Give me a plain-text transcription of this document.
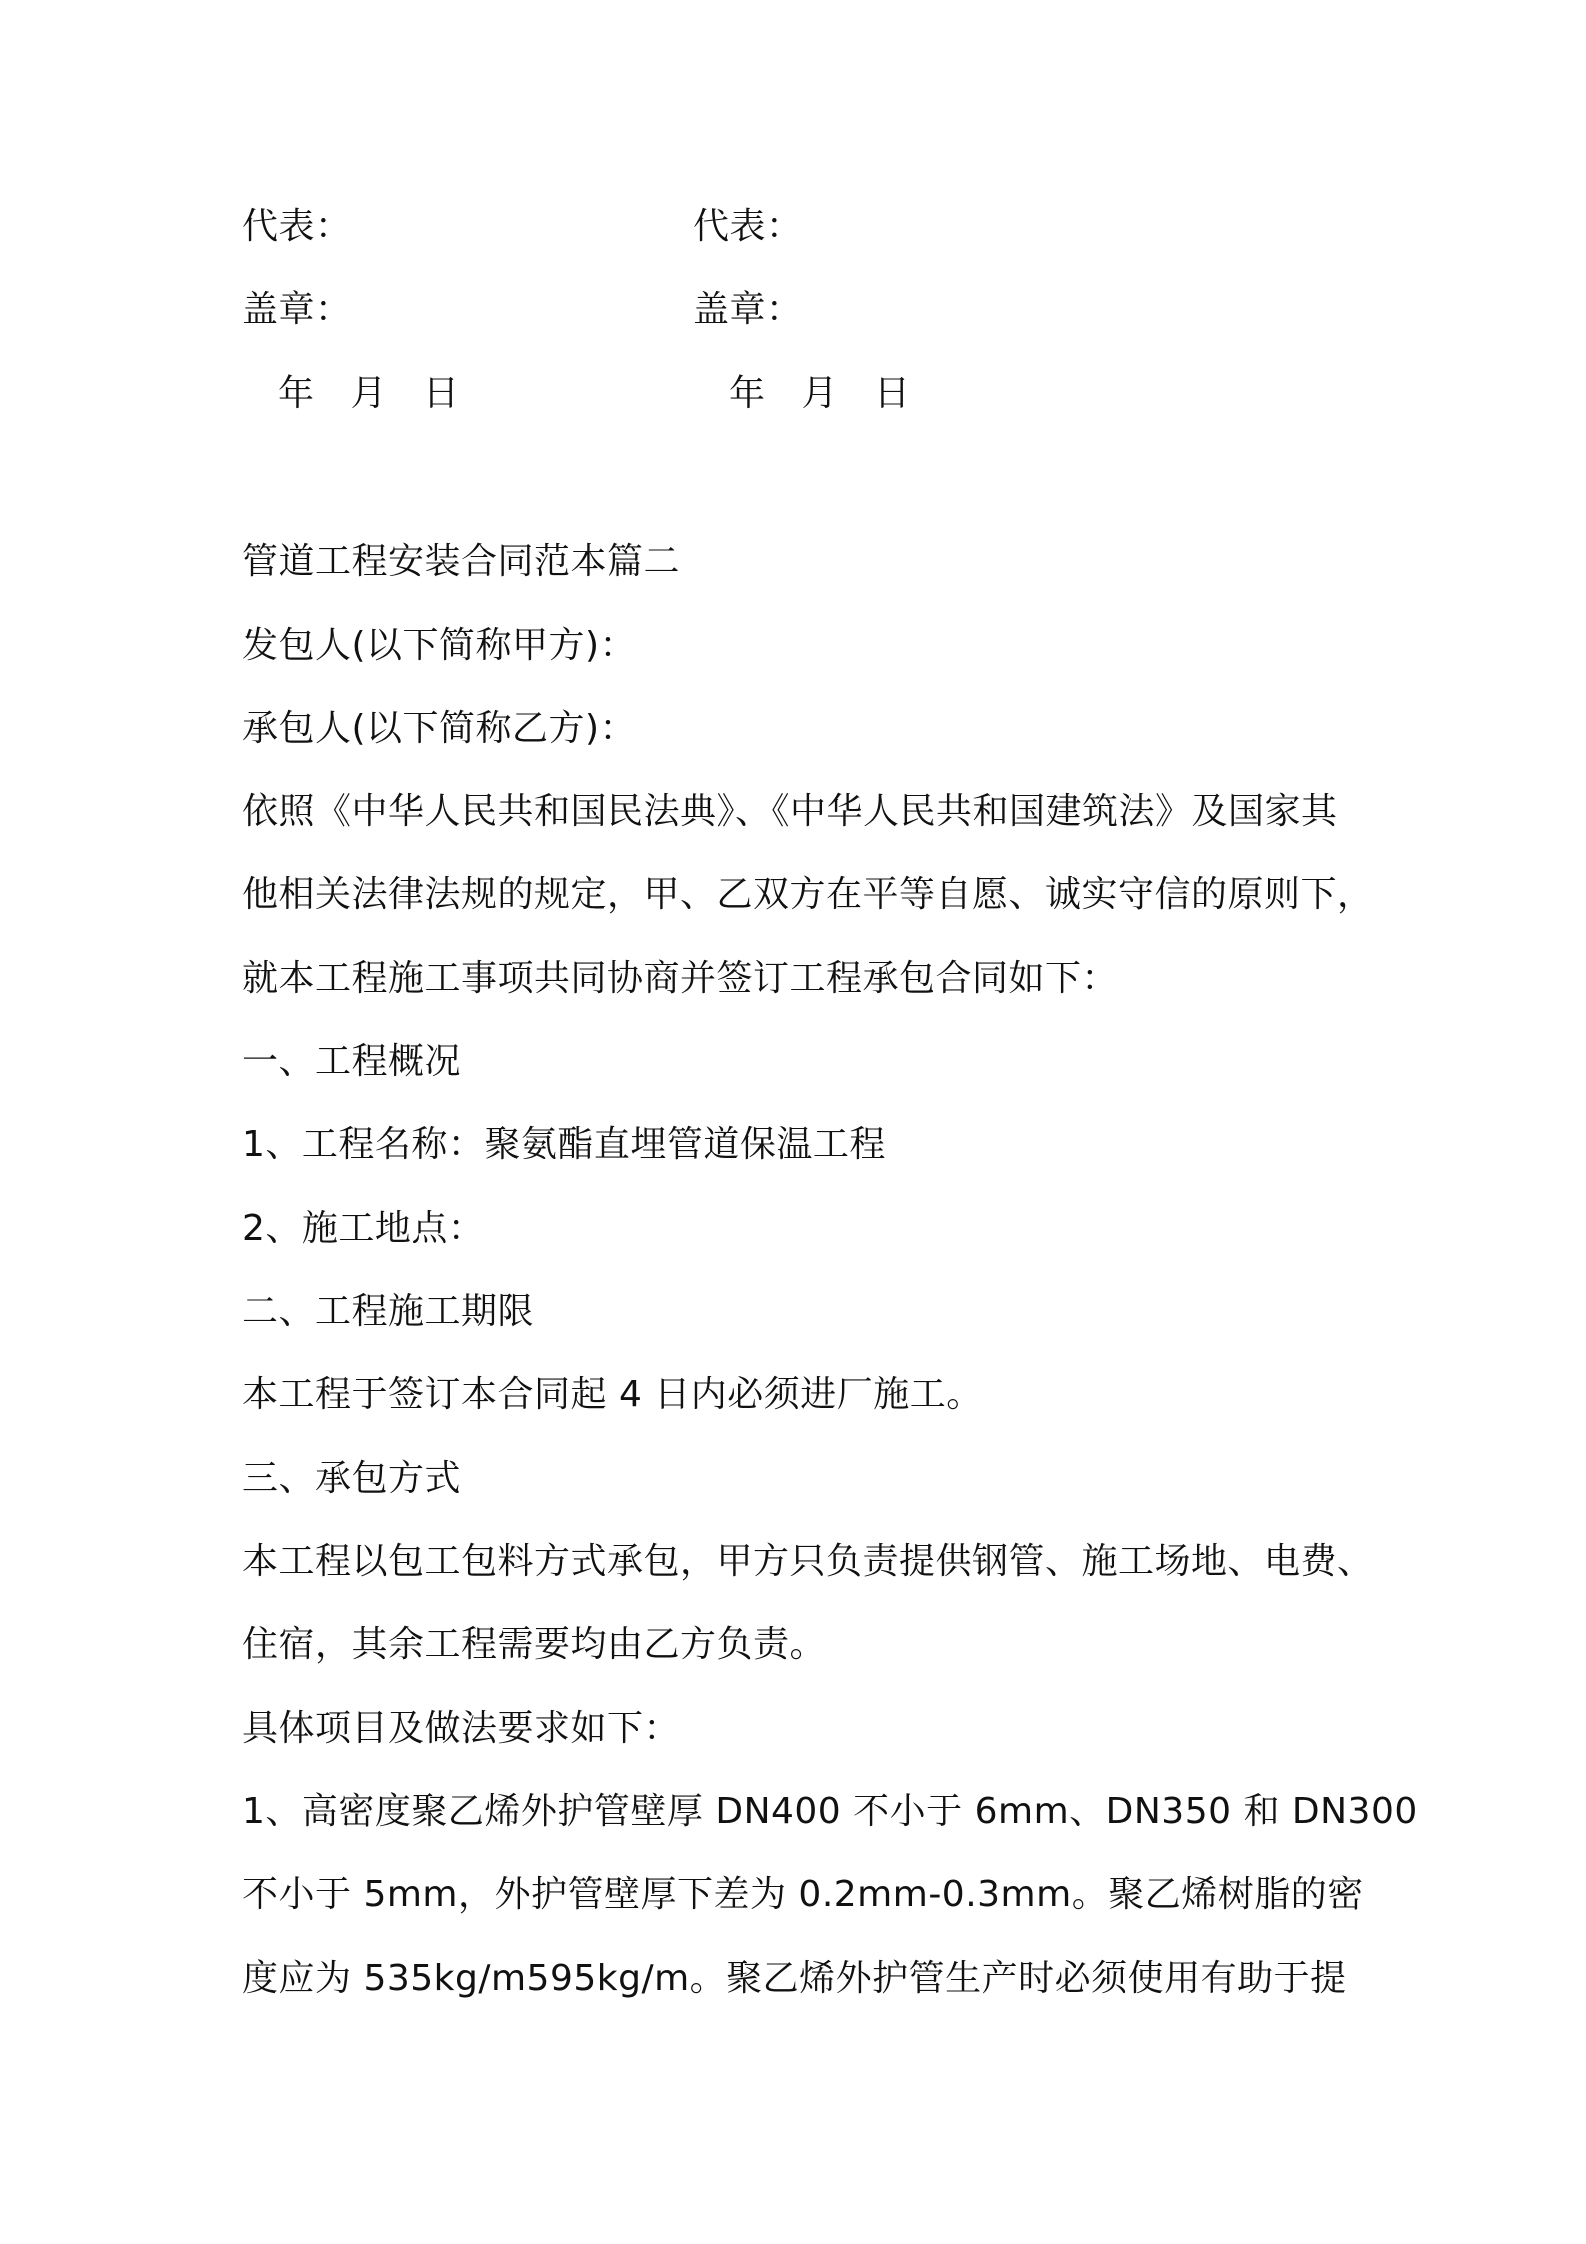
代表：	代表：
盖章：	盖章：
年 月 日	年 月 日
管道工程安装合同范本篇二
发包人(以下简称甲方)：
承包人(以下简称乙方)：
依照《中华人民共和国民法典》、《中华人民共和国建筑法》及国家其
他相关法律法规的规定，甲、乙双方在平等自愿、诚实守信的原则下，
就本工程施工事项共同协商并签订工程承包合同如下：
一、工程概况
1、工程名称：聚氨酯直埋管道保温工程
2、施工地点：
二、工程施工期限
本工程于签订本合同起 4 日内必须进厂施工。
三、承包方式
本工程以包工包料方式承包，甲方只负责提供钢管、施工场地、电费、
住宿，其余工程需要均由乙方负责。
具体项目及做法要求如下：
1、高密度聚乙烯外护管壁厚 DN400 不小于 6mm、DN350 和 DN300
不小于 5mm，外护管壁厚下差为 0.2mm-0.3mm。聚乙烯树脂的密
度应为 535kg/m595kg/m。聚乙烯外护管生产时必须使用有助于提
